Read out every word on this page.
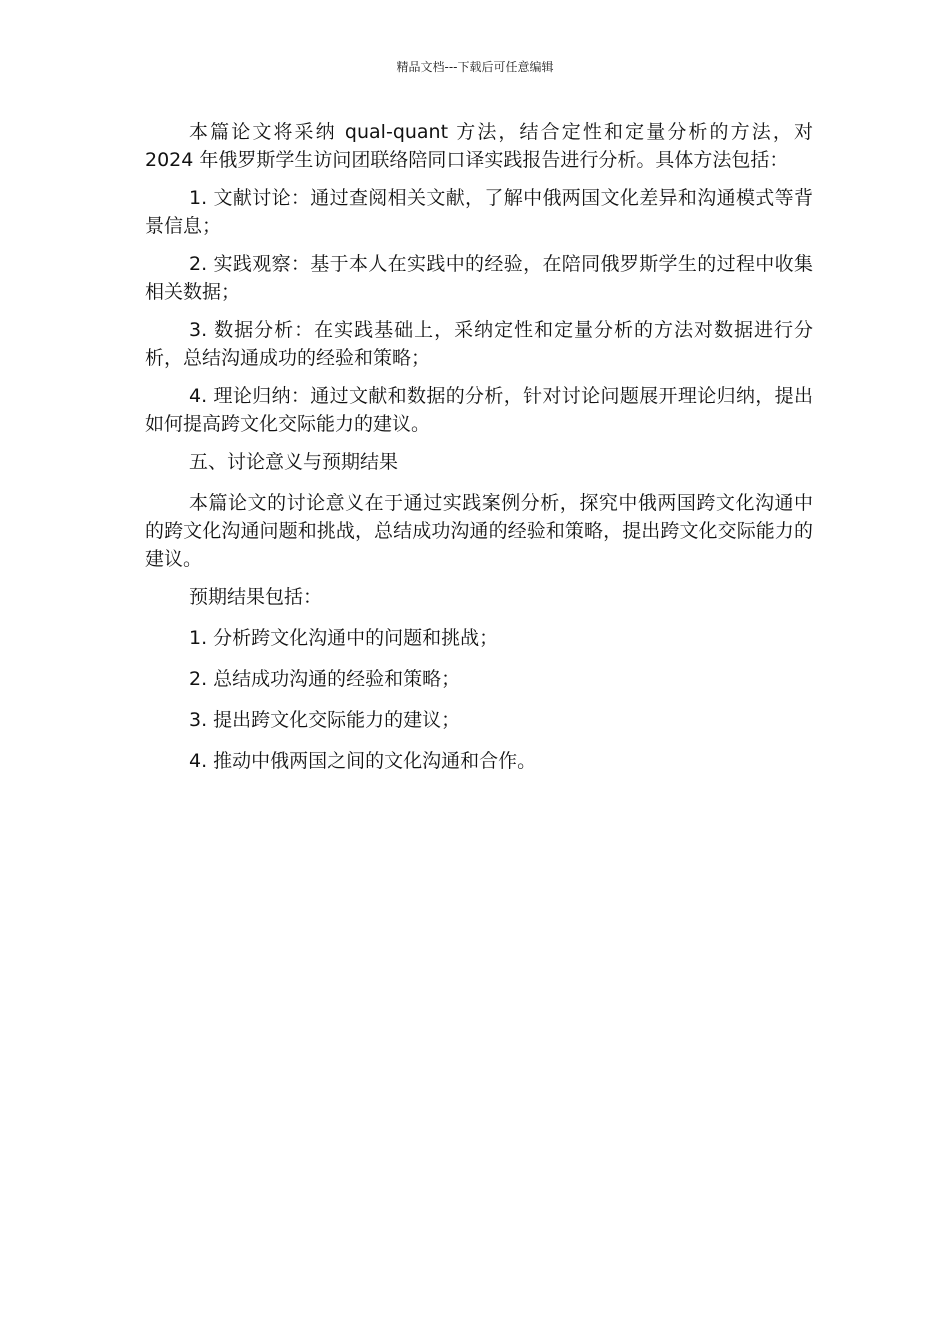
精品文档---下载后可任意编辑

本篇论文将采纳 qual-quant 方法，结合定性和定量分析的方法，对 2024 年俄罗斯学生访问团联络陪同口译实践报告进行分析。具体方法包括：

1. 文献讨论：通过查阅相关文献，了解中俄两国文化差异和沟通模式等背景信息；

2. 实践观察：基于本人在实践中的经验，在陪同俄罗斯学生的过程中收集相关数据；

3. 数据分析：在实践基础上，采纳定性和定量分析的方法对数据进行分析，总结沟通成功的经验和策略；

4. 理论归纳：通过文献和数据的分析，针对讨论问题展开理论归纳，提出如何提高跨文化交际能力的建议。

五、讨论意义与预期结果

本篇论文的讨论意义在于通过实践案例分析，探究中俄两国跨文化沟通中的跨文化沟通问题和挑战，总结成功沟通的经验和策略，提出跨文化交际能力的建议。

预期结果包括：

1. 分析跨文化沟通中的问题和挑战；

2. 总结成功沟通的经验和策略；

3. 提出跨文化交际能力的建议；

4. 推动中俄两国之间的文化沟通和合作。
